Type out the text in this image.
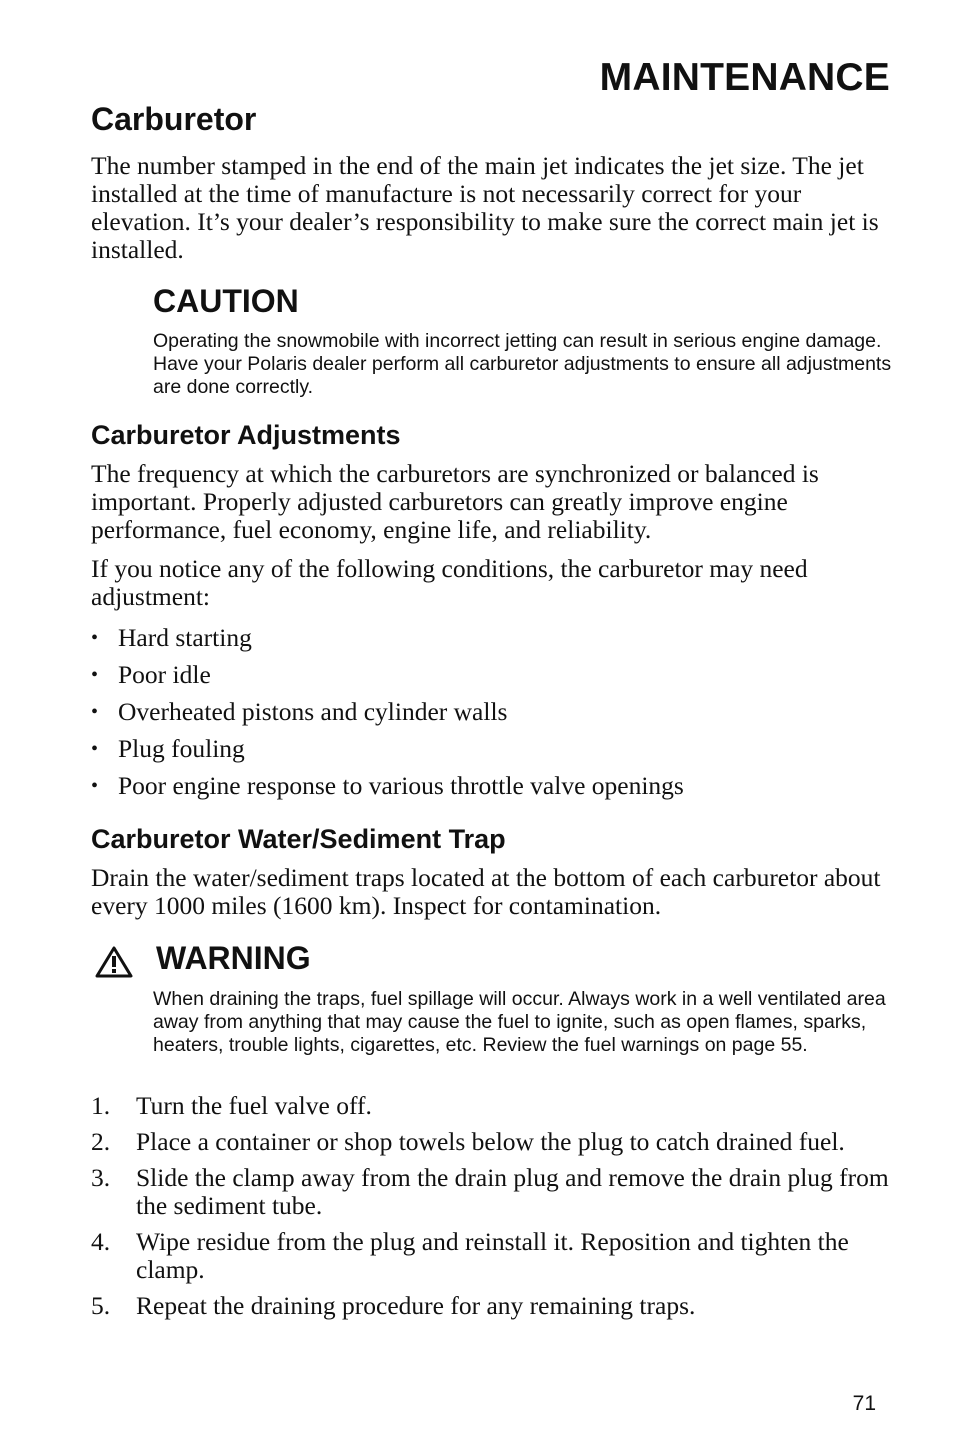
MAINTENANCE
Carburetor
The number stamped in the end of the main jet indicates the jet size. The jet installed at the time of manufacture is not necessarily correct for your elevation. It’s your dealer’s responsibility to make sure the correct main jet is installed.
CAUTION
Operating the snowmobile with incorrect jetting can result in serious engine damage. Have your Polaris dealer perform all carburetor adjustments to ensure all adjustments are done correctly.
Carburetor Adjustments
The frequency at which the carburetors are synchronized or balanced is important. Properly adjusted carburetors can greatly improve engine performance, fuel economy, engine life, and reliability.
If you notice any of the following conditions, the carburetor may need adjustment:
• Hard starting
• Poor idle
• Overheated pistons and cylinder walls
• Plug fouling
• Poor engine response to various throttle valve openings
Carburetor Water/Sediment Trap
Drain the water/sediment traps located at the bottom of each carburetor about every 1000 miles (1600 km). Inspect for contamination.
WARNING
When draining the traps, fuel spillage will occur. Always work in a well ventilated area away from anything that may cause the fuel to ignite, such as open flames, sparks, heaters, trouble lights, cigarettes, etc. Review the fuel warnings on page 55.
1. Turn the fuel valve off.
2. Place a container or shop towels below the plug to catch drained fuel.
3. Slide the clamp away from the drain plug and remove the drain plug from the sediment tube.
4. Wipe residue from the plug and reinstall it. Reposition and tighten the clamp.
5. Repeat the draining procedure for any remaining traps.
71
